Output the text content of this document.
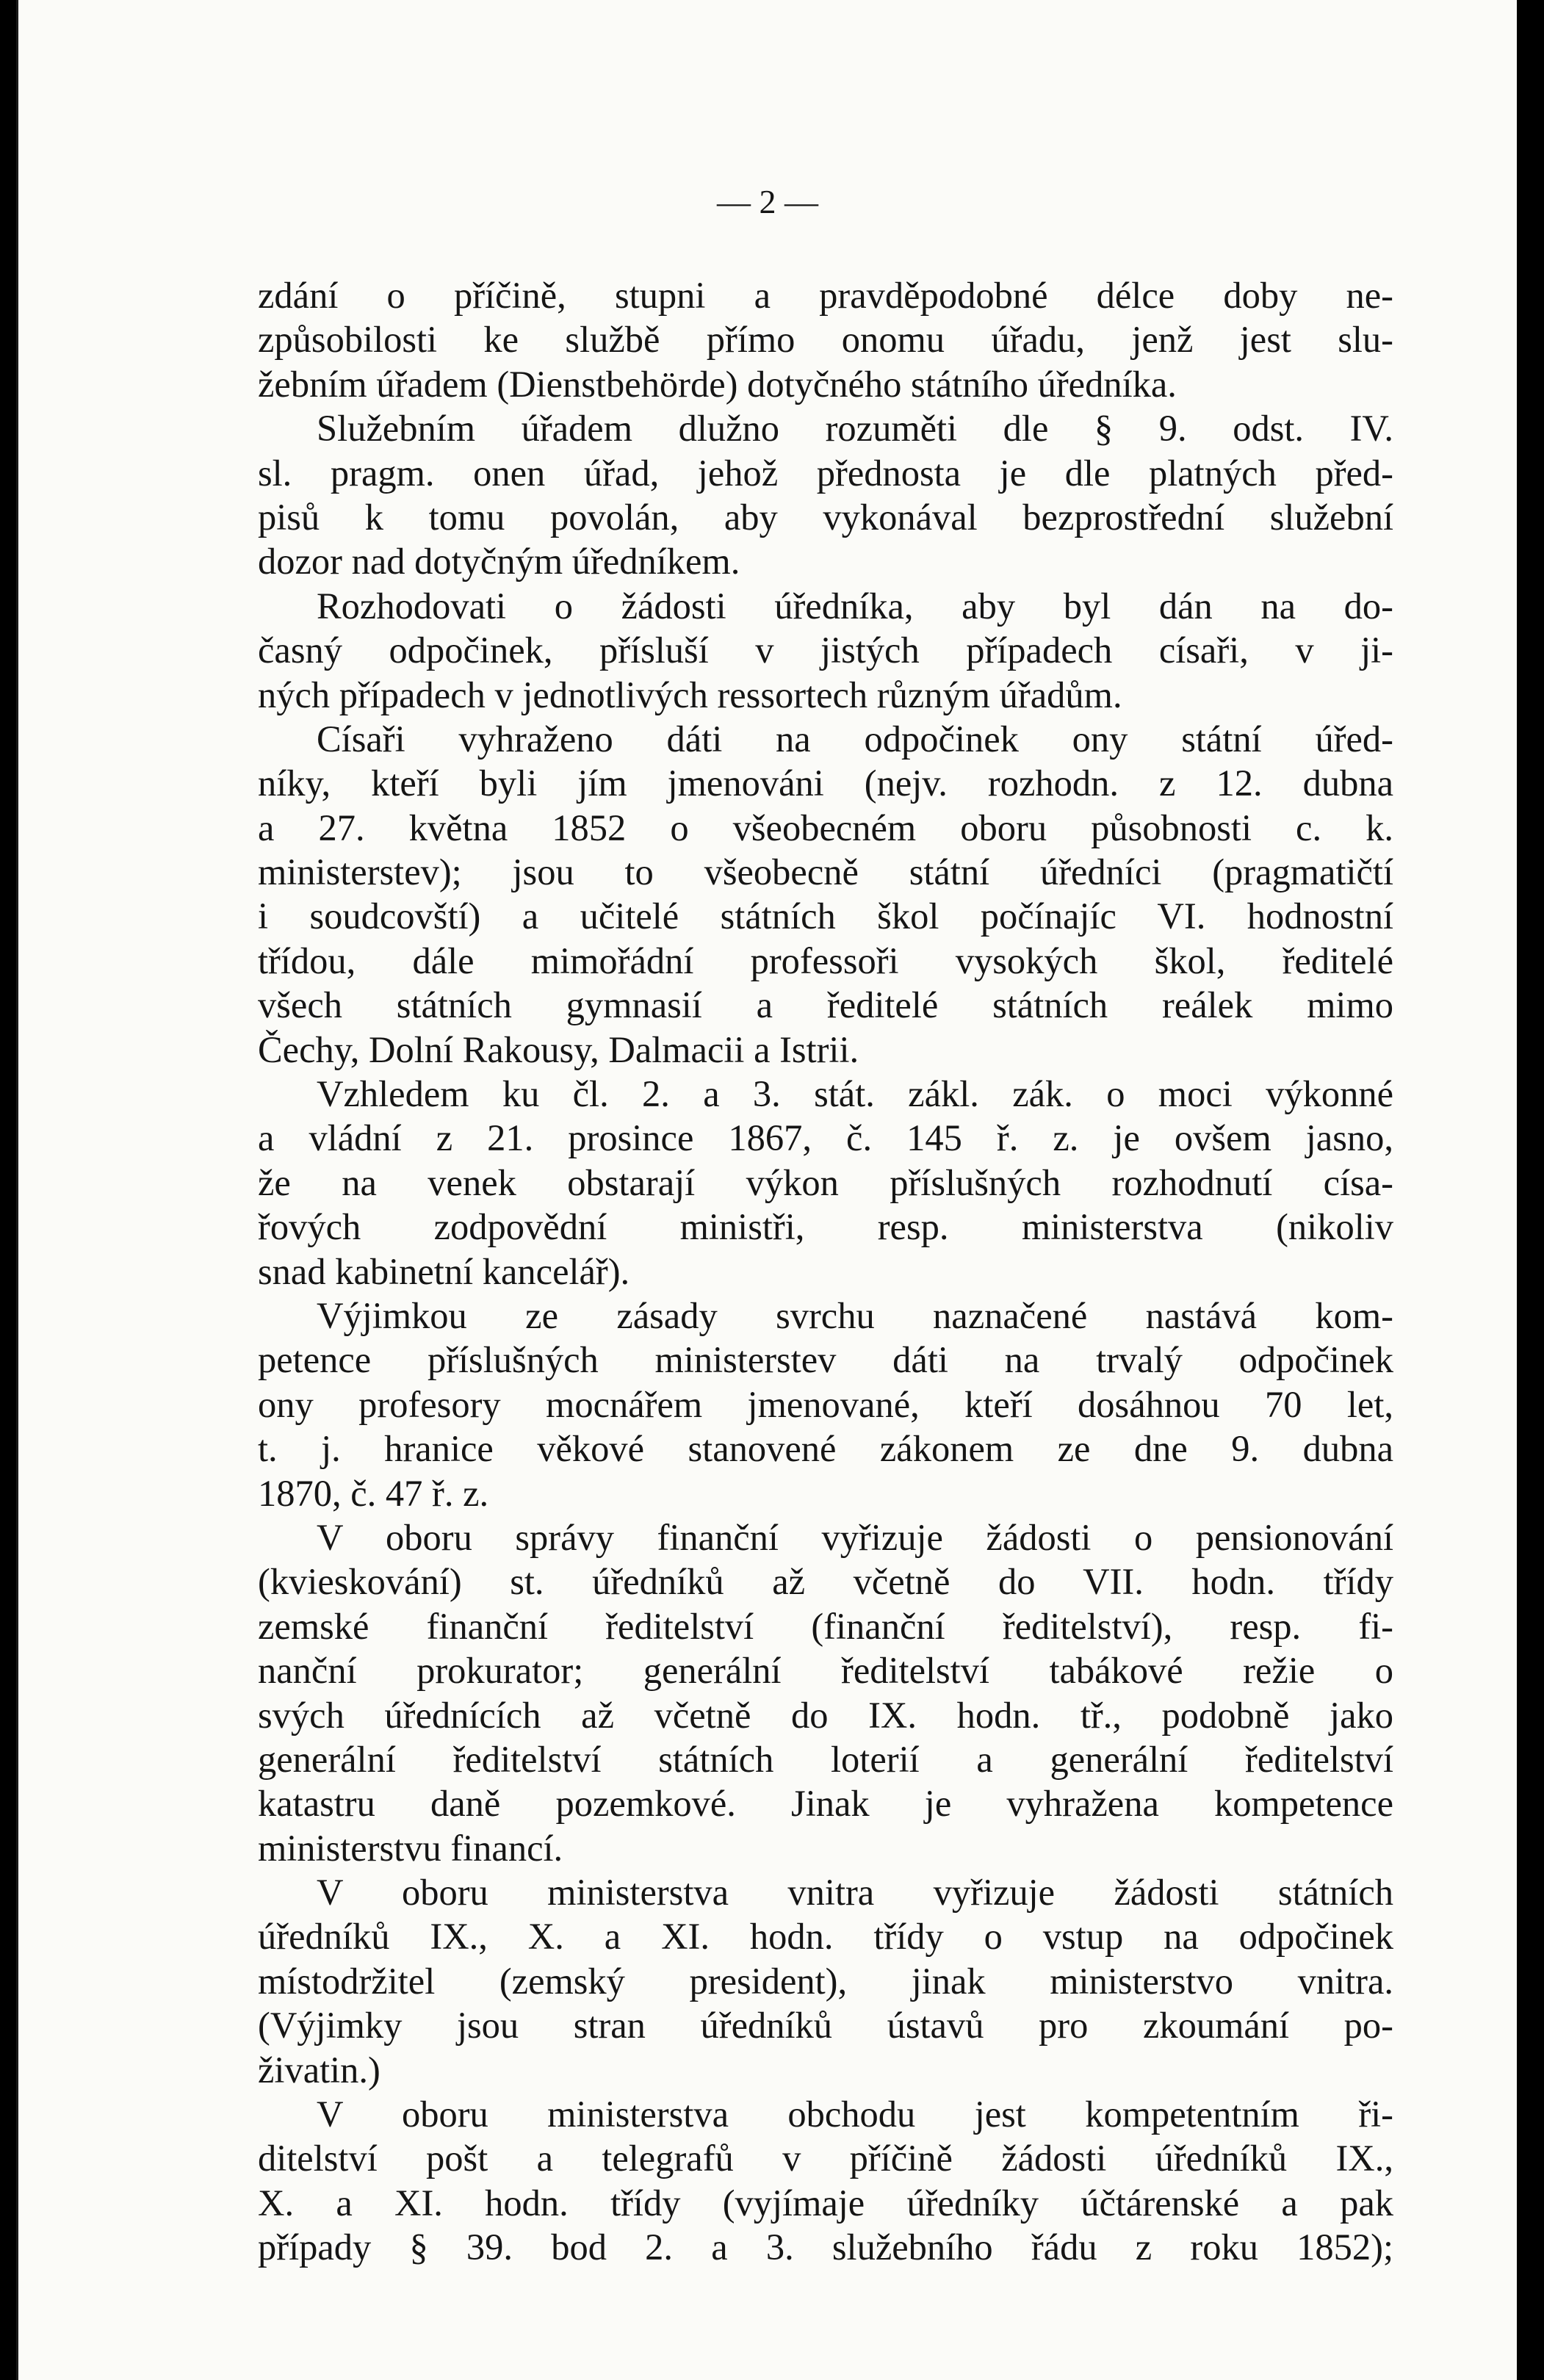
— 2 —
zdání o příčině, stupni a pravděpodobné délce doby ne-
způsobilosti ke službě přímo onomu úřadu, jenž jest slu-
žebním úřadem (Dienstbehörde) dotyčného státního úředníka.
Služebním úřadem dlužno rozuměti dle § 9. odst. IV.
sl. pragm. onen úřad, jehož přednosta je dle platných před-
pisů k tomu povolán, aby vykonával bezprostřední služební
dozor nad dotyčným úředníkem.
Rozhodovati o žádosti úředníka, aby byl dán na do-
časný odpočinek, přísluší v jistých případech císaři, v ji-
ných případech v jednotlivých ressortech různým úřadům.
Císaři vyhraženo dáti na odpočinek ony státní úřed-
níky, kteří byli jím jmenováni (nejv. rozhodn. z 12. dubna
a 27. května 1852 o všeobecném oboru působnosti c. k.
ministerstev); jsou to všeobecně státní úředníci (pragmatičtí
i soudcovští) a učitelé státních škol počínajíc VI. hodnostní
třídou, dále mimořádní professoři vysokých škol, ředitelé
všech státních gymnasií a ředitelé státních reálek mimo
Čechy, Dolní Rakousy, Dalmacii a Istrii.
Vzhledem ku čl. 2. a 3. stát. zákl. zák. o moci výkonné
a vládní z 21. prosince 1867, č. 145 ř. z. je ovšem jasno,
že na venek obstarají výkon příslušných rozhodnutí císa-
řových zodpovědní ministři, resp. ministerstva (nikoliv
snad kabinetní kancelář).
Výjimkou ze zásady svrchu naznačené nastává kom-
petence příslušných ministerstev dáti na trvalý odpočinek
ony profesory mocnářem jmenované, kteří dosáhnou 70 let,
t. j. hranice věkové stanovené zákonem ze dne 9. dubna
1870, č. 47 ř. z.
V oboru správy finanční vyřizuje žádosti o pensionování
(kvieskování) st. úředníků až včetně do VII. hodn. třídy
zemské finanční ředitelství (finanční ředitelství), resp. fi-
nanční prokurator; generální ředitelství tabákové režie o
svých úřednících až včetně do IX. hodn. tř., podobně jako
generální ředitelství státních loterií a generální ředitelství
katastru daně pozemkové. Jinak je vyhražena kompetence
ministerstvu financí.
V oboru ministerstva vnitra vyřizuje žádosti státních
úředníků IX., X. a XI. hodn. třídy o vstup na odpočinek
místodržitel (zemský president), jinak ministerstvo vnitra.
(Výjimky jsou stran úředníků ústavů pro zkoumání po-
živatin.)
V oboru ministerstva obchodu jest kompetentním ři-
ditelství pošt a telegrafů v příčině žádosti úředníků IX.,
X. a XI. hodn. třídy (vyjímaje úředníky účtárenské a pak
případy § 39. bod 2. a 3. služebního řádu z roku 1852);
